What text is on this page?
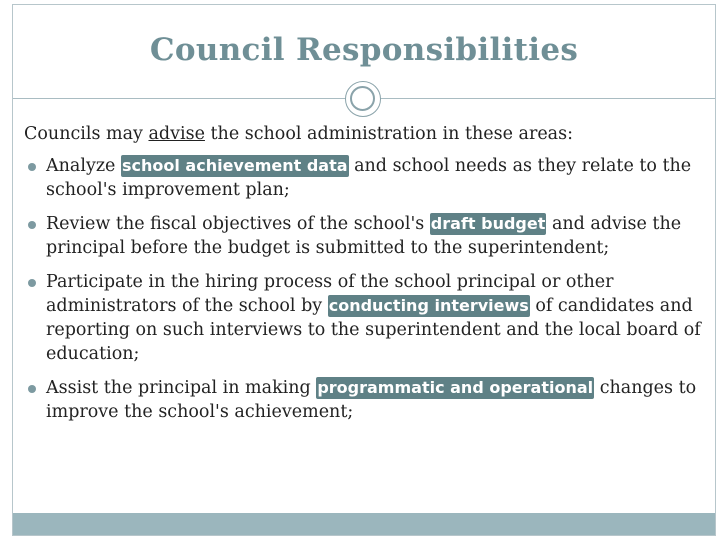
Council Responsibilities

Councils may advise the school administration in these areas:

Analyze school achievement data and school needs as they relate to the school's improvement plan;
Review the fiscal objectives of the school's draft budget and advise the principal before the budget is submitted to the superintendent;
Participate in the hiring process of the school principal or other administrators of the school by conducting interviews of candidates and reporting on such interviews to the superintendent and the local board of education;
Assist the principal in making programmatic and operational changes to improve the school's achievement;
